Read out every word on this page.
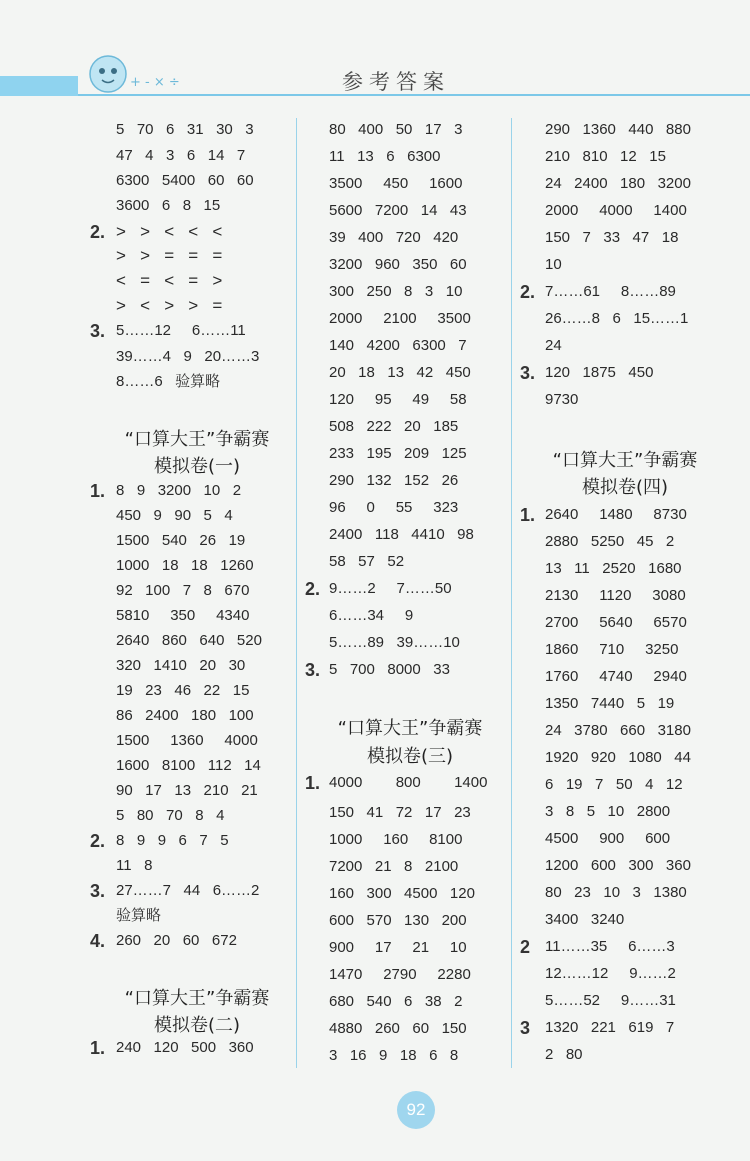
+ - × ÷	参考答案
5   70   6   31   30   3
47   4   3   6   14   7
6300   5400   60   60
3600   6   8   15
2. >   >   <   <   <
>   >   =   =   =
<   =   <   =   >
>   <   >   >   =
3. 5……12     6……11
39……4   9   20……3
8……6   验算略
“口算大王”争霸赛
模拟卷(一)
1. 8   9   3200   10   2
450   9   90   5   4
1500   540   26   19
1000   18   18   1260
92   100   7   8   670
5810     350     4340
2640   860   640   520
320   1410   20   30
19   23   46   22   15
86   2400   180   100
1500     1360     4000
1600   8100   112   14
90   17   13   210   21
5   80   70   8   4
2. 8   9   9   6   7   5
11   8
3. 27……7   44   6……2
验算略
4. 260   20   60   672
“口算大王”争霸赛
模拟卷(二)
1. 240   120   500   360
80   400   50   17   3
11   13   6   6300
3500     450     1600
5600   7200   14   43
39   400   720   420
3200   960   350   60
300   250   8   3   10
2000     2100     3500
140   4200   6300   7
20   18   13   42   450
120     95     49     58
508   222   20   185
233   195   209   125
290   132   152   26
96     0     55     323
2400   118   4410   98
58   57   52
2. 9……2     7……50
6……34     9
5……89   39……10
3. 5   700   8000   33
“口算大王”争霸赛
模拟卷(三)
1. 4000        800        1400
150   41   72   17   23
1000     160     8100
7200   21   8   2100
160   300   4500   120
600   570   130   200
900     17     21     10
1470     2790     2280
680   540   6   38   2
4880   260   60   150
3   16   9   18   6   8
290   1360   440   880
210   810   12   15
24   2400   180   3200
2000     4000     1400
150   7   33   47   18
10
2. 7……61     8……89
26……8   6   15……1
24
3. 120   1875   450
9730
“口算大王”争霸赛
模拟卷(四)
1. 2640     1480     8730
2880   5250   45   2
13   11   2520   1680
2130     1120     3080
2700     5640     6570
1860     710     3250
1760     4740     2940
1350   7440   5   19
24   3780   660   3180
1920   920   1080   44
6   19   7   50   4   12
3   8   5   10   2800
4500     900     600
1200   600   300   360
80   23   10   3   1380
3400   3240
2 11……35     6……3
12……12     9……2
5……52     9……31
3 1320   221   619   7
2   80
92
